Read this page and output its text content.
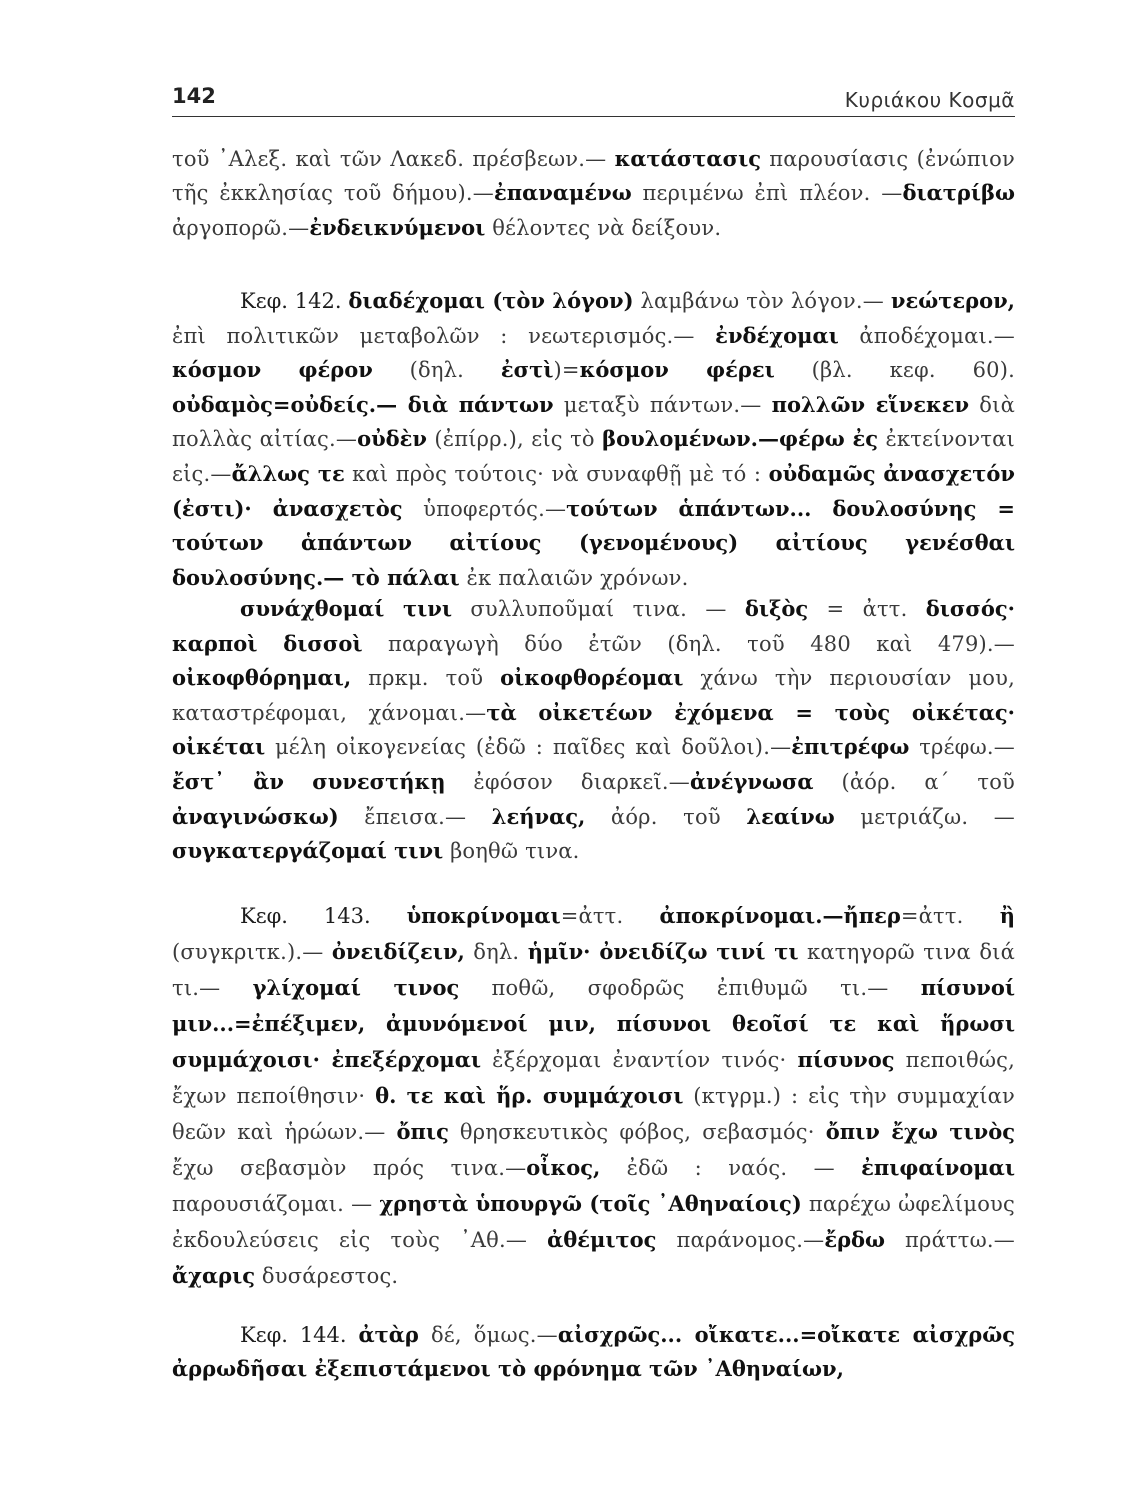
142	Κυριάκου Κοσμᾶ
τοῦ ᾿Αλεξ. καὶ τῶν Λακεδ. πρέσβεων.— κατάστασις παρουσίασις (ἐνώπιον τῆς ἐκκλησίας τοῦ δήμου).—ἐπαναμένω περιμένω ἐπὶ πλέον. —διατρίβω ἀργοπορῶ.—ἐνδεικνύμενοι θέλοντες νὰ δείξουν.
Κεφ. 142. διαδέχομαι (τὸν λόγον) λαμβάνω τὸν λόγον.— νεώτερον, ἐπὶ πολιτικῶν μεταβολῶν : νεωτερισμός.— ἐνδέχομαι ἀποδέχομαι.—κόσμον φέρον (δηλ. ἐστὶ)=κόσμον φέρει (βλ. κεφ. 60). οὐδαμὸς=οὐδείς.— διὰ πάντων μεταξὺ πάντων.— πολλῶν εἵνεκεν διὰ πολλὰς αἰτίας.—οὐδὲν (ἐπίρρ.), εἰς τὸ βουλομένων.—φέρω ἐς ἐκτείνονται εἰς.—ἄλλως τε καὶ πρὸς τούτοις· νὰ συναφθῇ μὲ τό : οὐδαμῶς ἀνασχετόν (ἐστι)· ἀνασχετὸς ὑποφερτός.—τούτων ἁπάντων... δουλοσύνης = τούτων ἁπάντων αἰτίους (γενομένους) αἰτίους γενέσθαι δουλοσύνης.— τὸ πάλαι ἐκ παλαιῶν χρόνων.
συνάχθομαί τινι συλλυποῦμαί τινα. — διξὸς = ἀττ. δισσός· καρποὶ δισσοὶ παραγωγὴ δύο ἐτῶν (δηλ. τοῦ 480 καὶ 479).— οἰκοφθόρημαι, πρκμ. τοῦ οἰκοφθορέομαι χάνω τὴν περιουσίαν μου, καταστρέφομαι, χάνομαι.—τὰ οἰκετέων ἐχόμενα = τοὺς οἰκέτας· οἰκέται μέλη οἰκογενείας (ἐδῶ : παῖδες καὶ δοῦλοι).—ἐπιτρέφω τρέφω.—ἔστ᾿ ἂν συνεστήκῃ ἐφόσον διαρκεῖ.—ἀνέγνωσα (ἀόρ. α´ τοῦ ἀναγινώσκω) ἔπεισα.— λεήνας, ἀόρ. τοῦ λεαίνω μετριάζω. — συγκατεργάζομαί τινι βοηθῶ τινα.
Κεφ. 143. ὑποκρίνομαι=ἀττ. ἀποκρίνομαι.—ἤπερ=ἀττ. ἢ (συγκριτκ.).— ὀνειδίζειν, δηλ. ἡμῖν· ὀνειδίζω τινί τι κατηγορῶ τινα διά τι.— γλίχομαί τινος ποθῶ, σφοδρῶς ἐπιθυμῶ τι.— πίσυνοί μιν...=ἐπέξιμεν, ἀμυνόμενοί μιν, πίσυνοι θεοῖσί τε καὶ ἥρωσι συμμάχοισι· ἐπεξέρχομαι ἐξέρχομαι ἐναντίον τινός· πίσυνος πεποιθώς, ἔχων πεποίθησιν· θ. τε καὶ ἥρ. συμμάχοισι (κτγρμ.) : εἰς τὴν συμμαχίαν θεῶν καὶ ἡρώων.— ὄπις θρησκευτικὸς φόβος, σεβασμός· ὄπιν ἔχω τινὸς ἔχω σεβασμὸν πρός τινα.—οἶκος, ἐδῶ : ναός. — ἐπιφαίνομαι παρουσιάζομαι. — χρηστὰ ὑπουργῶ (τοῖς ᾿Αθηναίοις) παρέχω ὠφελίμους ἐκδουλεύσεις εἰς τοὺς ᾿Αθ.— ἀθέμιτος παράνομος.—ἔρδω πράττω.—ἄχαρις δυσάρεστος.
Κεφ. 144. ἀτὰρ δέ, ὅμως.—αἰσχρῶς... οἴκατε...=οἴκατε αἰσχρῶς ἀρρωδῆσαι ἐξεπιστάμενοι τὸ φρόνημα τῶν ᾿Αθηναίων,
